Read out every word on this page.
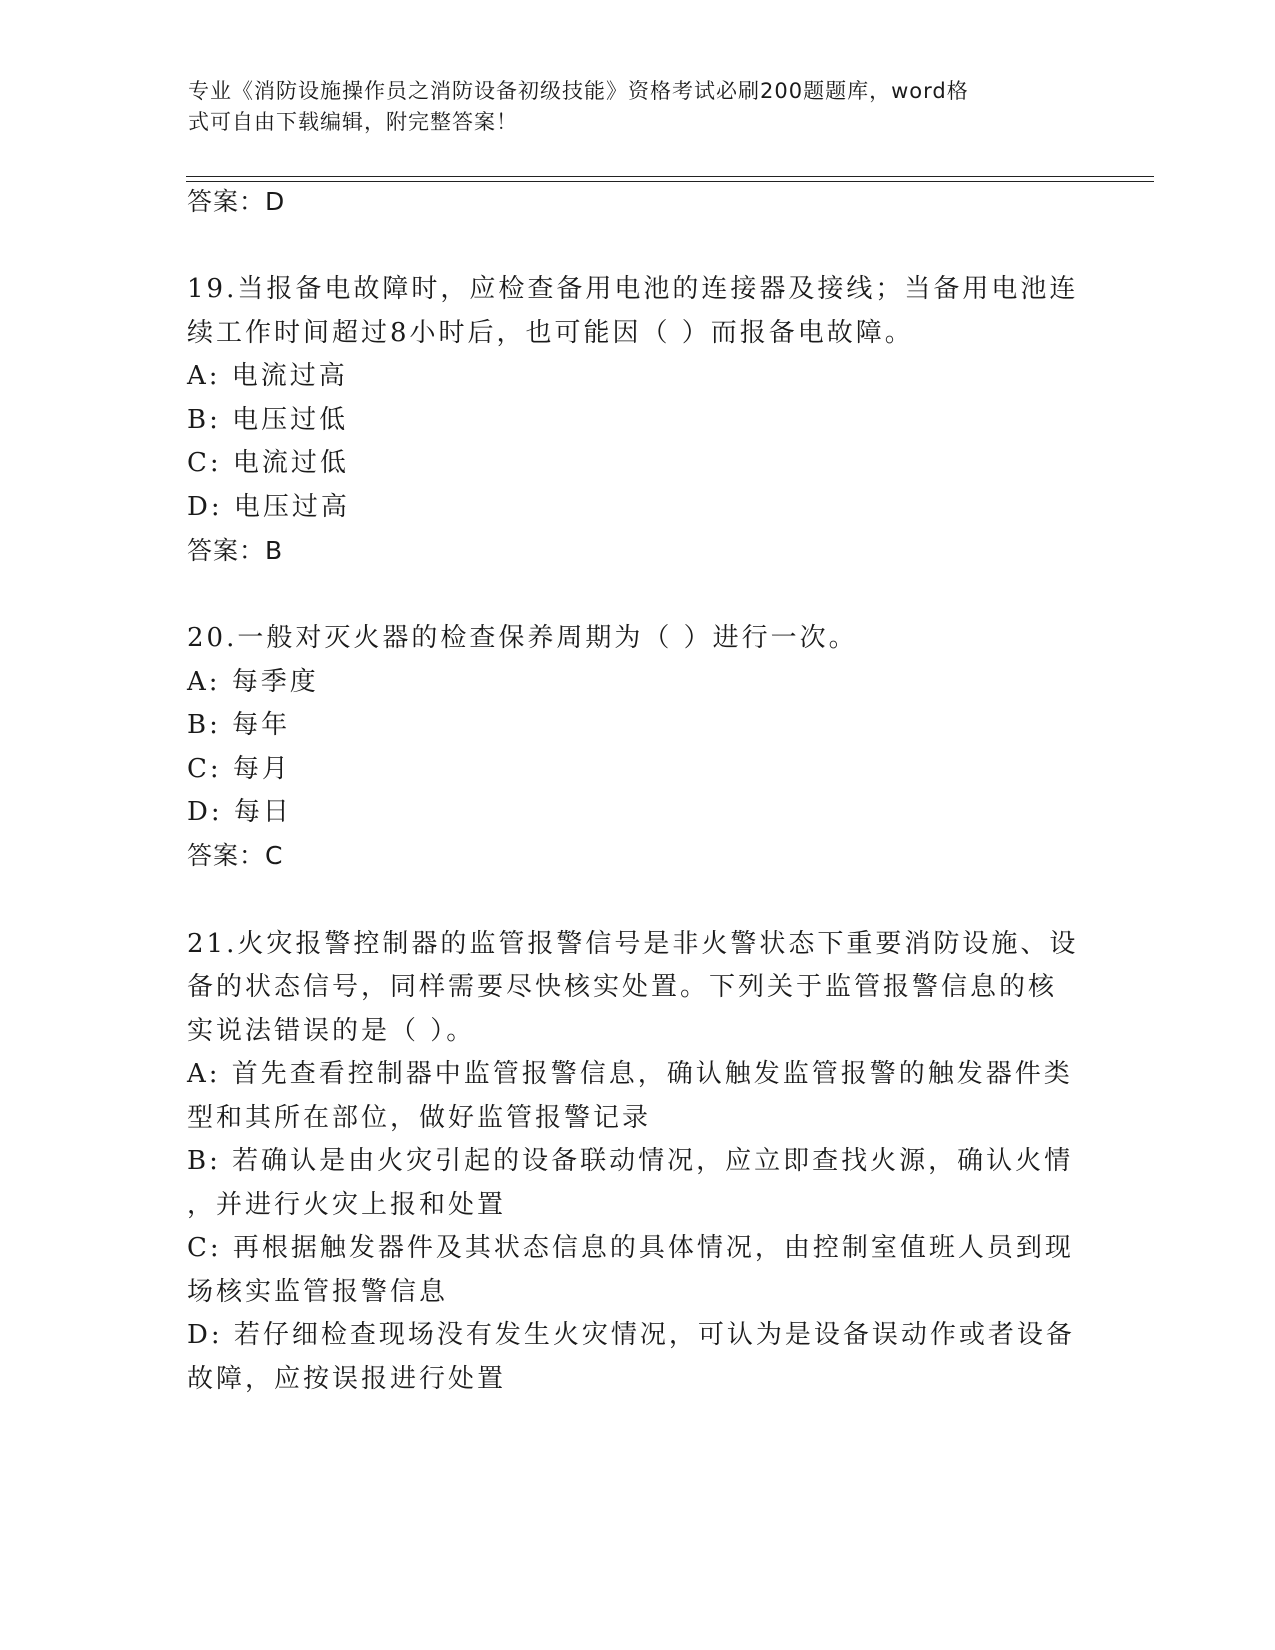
专业《消防设施操作员之消防设备初级技能》资格考试必刷200题题库，word格
式可自由下载编辑，附完整答案！
答案：D
19.当报备电故障时，应检查备用电池的连接器及接线；当备用电池连
续工作时间超过8小时后，也可能因（ ）而报备电故障。
A: 电流过高
B: 电压过低
C: 电流过低
D: 电压过高
答案：B
20.一般对灭火器的检查保养周期为（ ）进行一次。
A: 每季度
B: 每年
C: 每月
D: 每日
答案：C
21.火灾报警控制器的监管报警信号是非火警状态下重要消防设施、设
备的状态信号，同样需要尽快核实处置。下列关于监管报警信息的核
实说法错误的是（ ）。
A: 首先查看控制器中监管报警信息，确认触发监管报警的触发器件类
型和其所在部位，做好监管报警记录
B: 若确认是由火灾引起的设备联动情况，应立即查找火源，确认火情
，并进行火灾上报和处置
C: 再根据触发器件及其状态信息的具体情况，由控制室值班人员到现
场核实监管报警信息
D: 若仔细检查现场没有发生火灾情况，可认为是设备误动作或者设备
故障，应按误报进行处置
